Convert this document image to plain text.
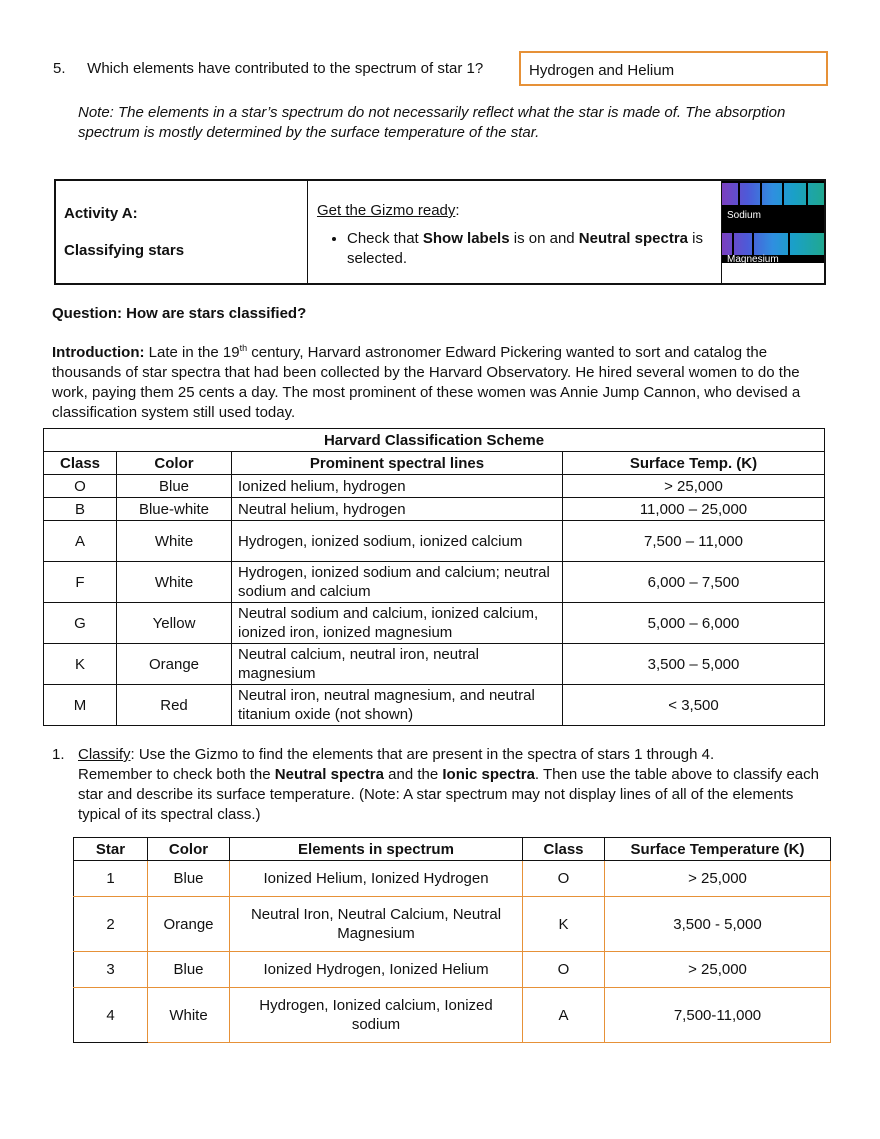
5. Which elements have contributed to the spectrum of star 1?	Hydrogen and Helium
Note: The elements in a star’s spectrum do not necessarily reflect what the star is made of. The absorption spectrum is mostly determined by the surface temperature of the star.
Activity A:
Classifying stars
Get the Gizmo ready:
• Check that Show labels is on and Neutral spectra is selected.
Sodium
Magnesium
Question: How are stars classified?
Introduction: Late in the 19th century, Harvard astronomer Edward Pickering wanted to sort and catalog the thousands of star spectra that had been collected by the Harvard Observatory. He hired several women to do the work, paying them 25 cents a day. The most prominent of these women was Annie Jump Cannon, who devised a classification system still used today.
Harvard Classification Scheme			
Class	Color	Prominent spectral lines	Surface Temp. (K)
O	Blue	Ionized helium, hydrogen	> 25,000
B	Blue-white	Neutral helium, hydrogen	11,000 – 25,000
A	White	Hydrogen, ionized sodium, ionized calcium	7,500 – 11,000
F	White	Hydrogen, ionized sodium and calcium; neutral sodium and calcium	6,000 – 7,500
G	Yellow	Neutral sodium and calcium, ionized calcium, ionized iron, ionized magnesium	5,000 – 6,000
K	Orange	Neutral calcium, neutral iron, neutral magnesium	3,500 – 5,000
M	Red	Neutral iron, neutral magnesium, and neutral titanium oxide (not shown)	< 3,500
1. Classify: Use the Gizmo to find the elements that are present in the spectra of stars 1 through 4.
Remember to check both the Neutral spectra and the Ionic spectra. Then use the table above to classify each star and describe its surface temperature. (Note: A star spectrum may not display lines of all of the elements typical of its spectral class.)
Star	Color	Elements in spectrum	Class	Surface Temperature (K)
1	Blue	Ionized Helium, Ionized Hydrogen	O	> 25,000
2	Orange	Neutral Iron, Neutral Calcium, Neutral Magnesium	K	3,500 - 5,000
3	Blue	Ionized Hydrogen, Ionized Helium	O	> 25,000
4	White	Hydrogen, Ionized calcium, Ionized sodium	A	7,500-11,000
